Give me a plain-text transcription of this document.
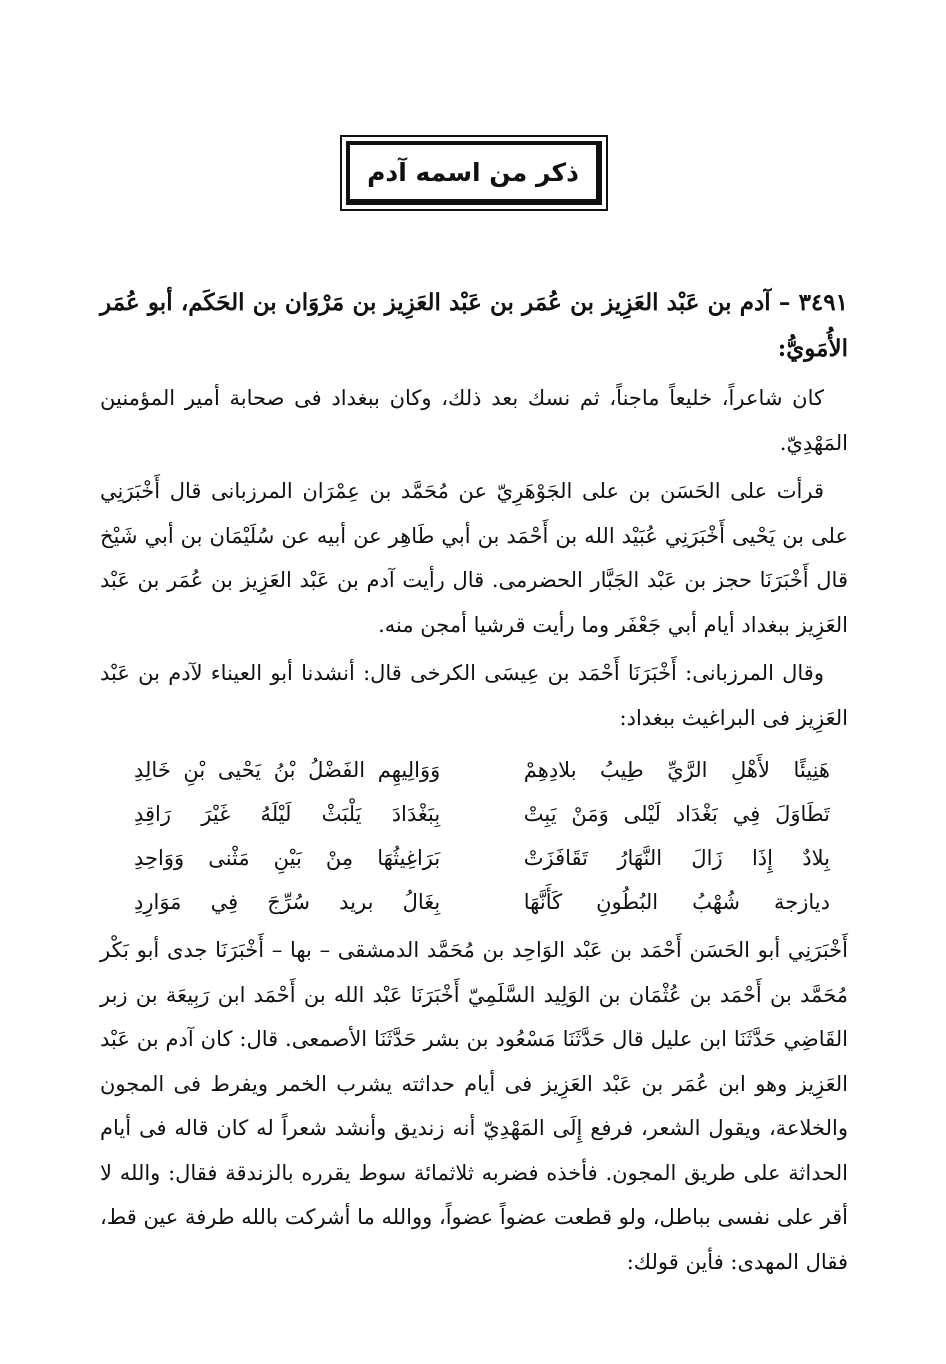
ذكر من اسمه آدم

٣٤٩١ – آدم بن عَبْد العَزِيز بن عُمَر بن عَبْد العَزِيز بن مَرْوَان بن الحَكَم، أبو عُمَر الأُمَويُّ:

كان شاعراً، خليعاً ماجناً، ثم نسك بعد ذلك، وكان ببغداد فى صحابة أمير المؤمنين المَهْدِيّ.

قرأت على الحَسَن بن على الجَوْهَرِيّ عن مُحَمَّد بن عِمْرَان المرزبانى قال أَخْبَرَنِي على بن يَحْيى أَخْبَرَنِي عُبَيْد الله بن أَحْمَد بن أبي طَاهِر عن أبيه عن سُلَيْمَان بن أبي شَيْخ قال أَخْبَرَنَا حجز بن عَبْد الجَبَّار الحضرمى. قال رأيت آدم بن عَبْد العَزِيز بن عُمَر بن عَبْد العَزِيز ببغداد أيام أبي جَعْفَر وما رأيت قرشيا أمجن منه.

وقال المرزبانى: أَخْبَرَنَا أَحْمَد بن عِيسَى الكرخى قال: أنشدنا أبو العيناء لآدم بن عَبْد العَزِيز فى البراغيث ببغداد:

هَنِيئًا لأَهْلِ الرَّيِّ طِيبُ بلادِهِمْ
وَوَالِيهِم الفَضْلُ بْنُ يَحْيى بْنِ خَالِدِ
تَطَاوَلَ فِي بَغْدَاد لَيْلى وَمَنْ يَبِتْ
بِبَغْدَادَ يَلْبَثْ لَيْلَهُ غَيْرَ رَاقِدِ
بِلادٌ إِذَا زَالَ النَّهَارُ تَقَافَزَتْ
بَرَاغِيثُهَا مِنْ بَيْنِ مَثْنى وَوَاحِدِ
ديازجة شُهْبُ البُطُونِ كَأَنَّهَا
بِغَالُ بريد سُرِّجَ فِي مَوَارِدِ

أَخْبَرَنِي أبو الحَسَن أَحْمَد بن عَبْد الوَاحِد بن مُحَمَّد الدمشقى – بها – أَخْبَرَنَا جدى أبو بَكْر مُحَمَّد بن أَحْمَد بن عُثْمَان بن الوَلِيد السَّلَمِيّ أَخْبَرَنَا عَبْد الله بن أَحْمَد ابن رَبِيعَة بن زبر القَاضِي حَدَّثَنَا ابن عليل قال حَدَّثَنَا مَسْعُود بن بشر حَدَّثَنَا الأصمعى. قال: كان آدم بن عَبْد العَزِيز وهو ابن عُمَر بن عَبْد العَزِيز فى أيام حداثته يشرب الخمر ويفرط فى المجون والخلاعة، ويقول الشعر، فرفع إِلَى المَهْدِيّ أنه زنديق وأنشد شعراً له كان قاله فى أيام الحداثة على طريق المجون. فأخذه فضربه ثلاثمائة سوط يقرره بالزندقة فقال: والله لا أقر على نفسى بباطل، ولو قطعت عضواً عضواً، ووالله ما أشركت بالله طرفة عين قط، فقال المهدى: فأين قولك:
